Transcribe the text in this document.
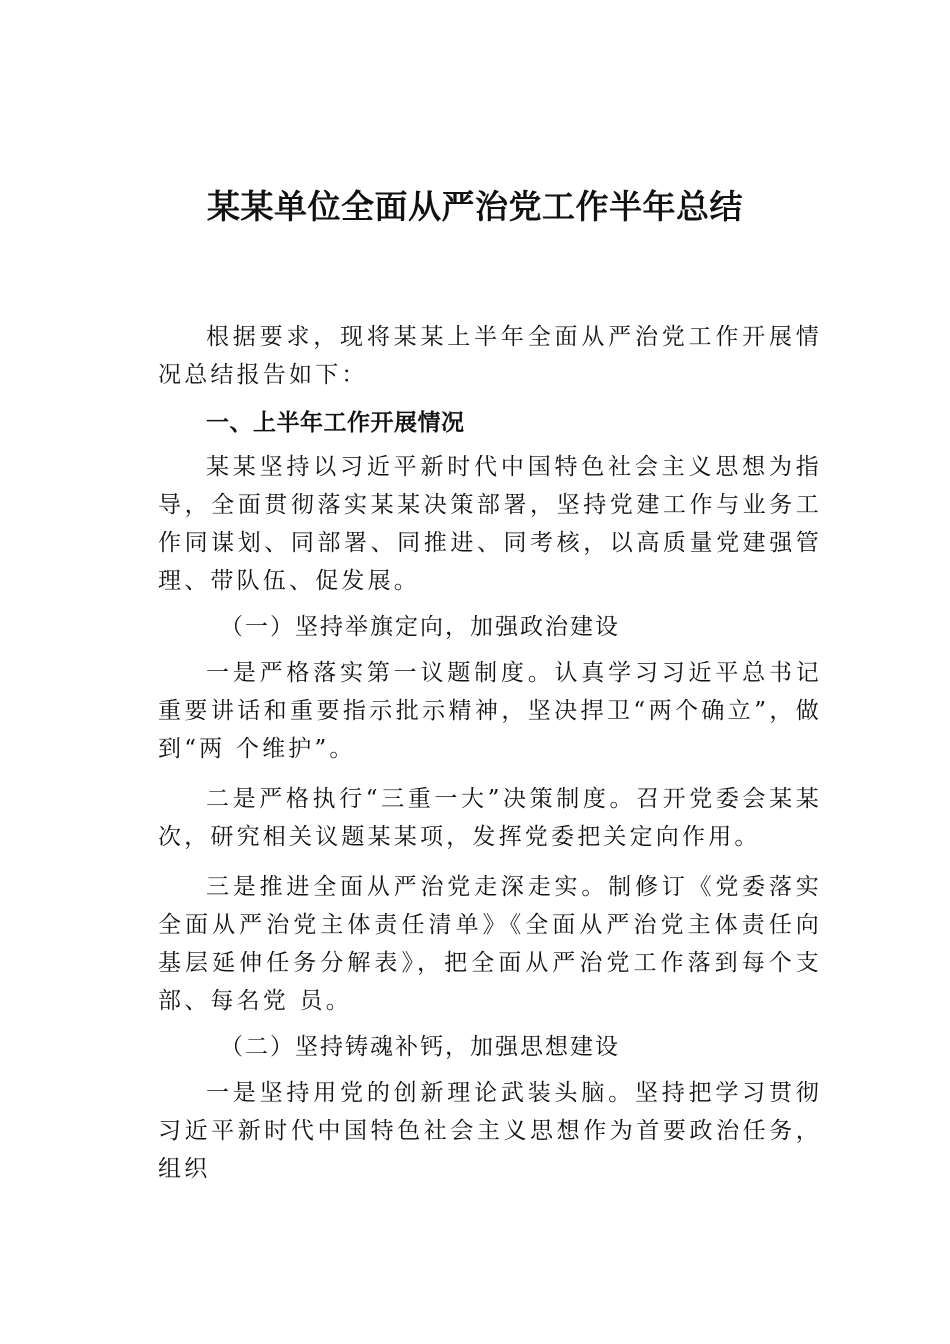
某某单位全面从严治党工作半年总结

根据要求，现将某某上半年全面从严治党工作开展情况总结报告如下：

一、上半年工作开展情况

某某坚持以习近平新时代中国特色社会主义思想为指导，全面贯彻落实某某决策部署，坚持党建工作与业务工作同谋划、同部署、同推进、同考核，以高质量党建强管理、带队伍、促发展。

（一）坚持举旗定向，加强政治建设

一是严格落实第一议题制度。认真学习习近平总书记重要讲话和重要指示批示精神，坚决捍卫“两个确立”，做到“两 个维护”。

二是严格执行“三重一大”决策制度。召开党委会某某次，研究相关议题某某项，发挥党委把关定向作用。

三是推进全面从严治党走深走实。制修订《党委落实全面从严治党主体责任清单》《全面从严治党主体责任向基层延伸任务分解表》，把全面从严治党工作落到每个支部、每名党 员。

（二）坚持铸魂补钙，加强思想建设

一是坚持用党的创新理论武装头脑。坚持把学习贯彻习近平新时代中国特色社会主义思想作为首要政治任务，组织
